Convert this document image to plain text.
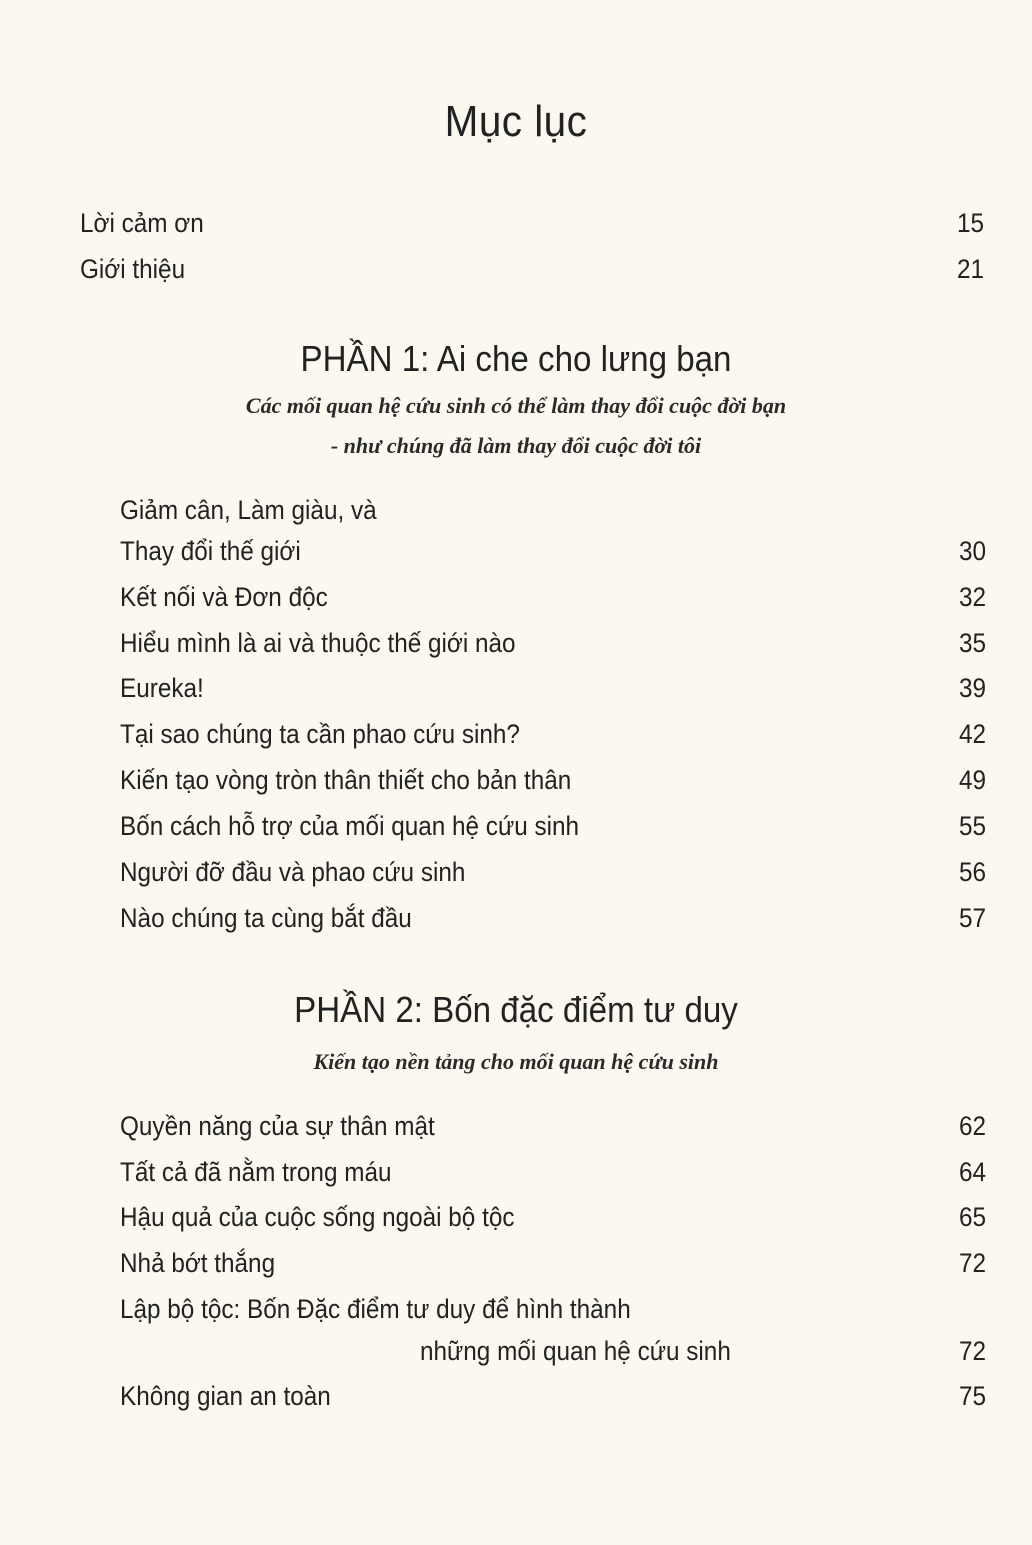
Mục lục
Lời cảm ơn	15
Giới thiệu	21
PHẦN 1: Ai che cho lưng bạn
Các mối quan hệ cứu sinh có thể làm thay đổi cuộc đời bạn
- như chúng đã làm thay đổi cuộc đời tôi
Giảm cân, Làm giàu, và
Thay đổi thế giới	30
Kết nối và Đơn độc	32
Hiểu mình là ai và thuộc thế giới nào	35
Eureka!	39
Tại sao chúng ta cần phao cứu sinh?	42
Kiến tạo vòng tròn thân thiết cho bản thân	49
Bốn cách hỗ trợ của mối quan hệ cứu sinh	55
Người đỡ đầu và phao cứu sinh	56
Nào chúng ta cùng bắt đầu	57
PHẦN 2: Bốn đặc điểm tư duy
Kiến tạo nền tảng cho mối quan hệ cứu sinh
Quyền năng của sự thân mật	62
Tất cả đã nằm trong máu	64
Hậu quả của cuộc sống ngoài bộ tộc	65
Nhả bớt thắng	72
Lập bộ tộc: Bốn Đặc điểm tư duy để hình thành
những mối quan hệ cứu sinh	72
Không gian an toàn	75
